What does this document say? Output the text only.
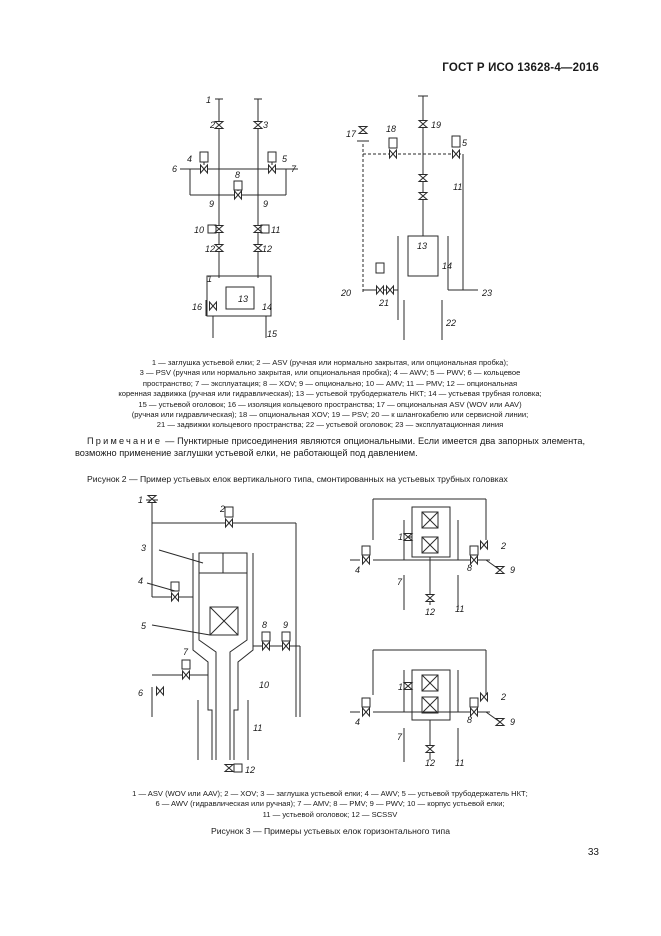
ГОСТ Р ИСО 13628-4—2016
1
2	3
4	5
6	7
8
9	9
10	11
12	12
1
13
14
15
16
17	18	19
5
11
13
14
20
21
22
23
1
2
3
4
5
6
7
8 9
10
11
12
1
2
4
7
8	9
11
12
1
2
4
7
8	9
11
12
1 — заглушка устьевой елки; 2 — ASV (ручная или нормально закрытая, или опциональная пробка);
3 — PSV (ручная или нормально закрытая, или опциональная пробка); 4 — AWV; 5 — PWV; 6 — кольцевое
пространство; 7 — эксплуатация; 8 — XOV; 9 — опционально; 10 — AMV; 11 — PMV; 12 — опциональная
коренная задвижка (ручная или гидравлическая); 13 — устьевой трубодержатель НКТ; 14 — устьевая трубная головка;
15 — устьевой оголовок; 16 — изоляция кольцевого пространства; 17 — опциональная ASV (WOV или AAV)
(ручная или гидравлическая); 18 — опциональная XOV; 19 — PSV; 20 — к шлангокабелю или сервисной линии;
21 — задвижки кольцевого пространства; 22 — устьевой оголовок; 23 — эксплуатационная линия
Примечание — Пунктирные присоединения являются опциональными. Если имеется два запорных элемента, возможно применение заглушки устьевой елки, не работающей под давлением.
Рисунок 2 — Пример устьевых елок вертикального типа, смонтированных на устьевых трубных головках
1 — ASV (WOV или AAV); 2 — XOV; 3 — заглушка устьевой елки; 4 — AWV; 5 — устьевой трубодержатель НКТ;
6 — AWV (гидравлическая или ручная); 7 — AMV; 8 — PMV; 9 — PWV; 10 — корпус устьевой елки;
11 — устьевой оголовок; 12 — SCSSV
Рисунок 3 — Примеры устьевых елок горизонтального типа
33
